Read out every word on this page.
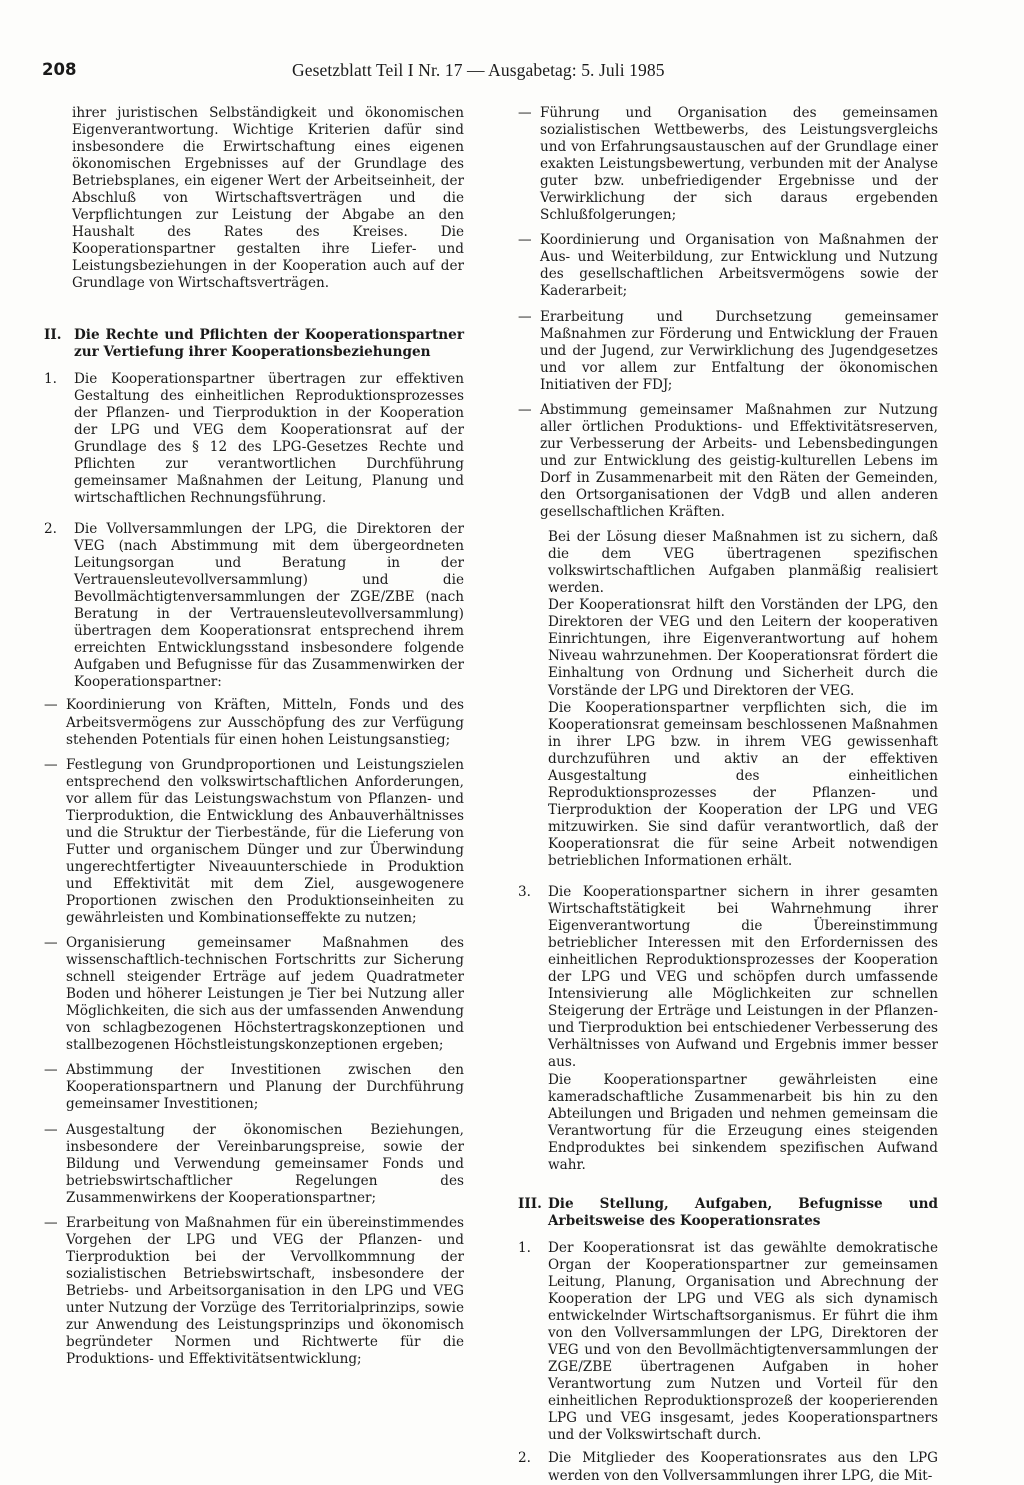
208	Gesetzblatt Teil I Nr. 17 — Ausgabetag: 5. Juli 1985

ihrer juristischen Selbständigkeit und ökonomischen Eigenverantwortung. Wichtige Kriterien dafür sind insbesondere die Erwirtschaftung eines eigenen ökonomischen Ergebnisses auf der Grundlage des Betriebsplanes, ein eigener Wert der Arbeitseinheit, der Abschluß von Wirtschaftsverträgen und die Verpflichtungen zur Leistung der Abgabe an den Haushalt des Rates des Kreises. Die Kooperationspartner gestalten ihre Liefer- und Leistungsbeziehungen in der Kooperation auch auf der Grundlage von Wirtschaftsverträgen.

II. Die Rechte und Pflichten der Kooperationspartner zur Vertiefung ihrer Kooperationsbeziehungen
1.	Die Kooperationspartner übertragen zur effektiven Gestaltung des einheitlichen Reproduktionsprozesses der Pflanzen- und Tierproduktion in der Kooperation der LPG und VEG dem Kooperationsrat auf der Grundlage des § 12 des LPG-Gesetzes Rechte und Pflichten zur verantwortlichen Durchführung gemeinsamer Maßnahmen der Leitung, Planung und wirtschaftlichen Rechnungsführung.
2.	Die Vollversammlungen der LPG, die Direktoren der VEG (nach Abstimmung mit dem übergeordneten Leitungsorgan und Beratung in der Vertrauensleutevollversammlung) und die Bevollmächtigtenversammlungen der ZGE/ZBE (nach Beratung in der Vertrauensleutevollversammlung) übertragen dem Kooperationsrat entsprechend ihrem erreichten Entwicklungsstand insbesondere folgende Aufgaben und Befugnisse für das Zusammenwirken der Kooperationspartner:
— Koordinierung von Kräften, Mitteln, Fonds und des Arbeitsvermögens zur Ausschöpfung des zur Verfügung stehenden Potentials für einen hohen Leistungsanstieg;
— Festlegung von Grundproportionen und Leistungszielen entsprechend den volkswirtschaftlichen Anforderungen, vor allem für das Leistungswachstum von Pflanzen- und Tierproduktion, die Entwicklung des Anbauverhältnisses und die Struktur der Tierbestände, für die Lieferung von Futter und organischem Dünger und zur Überwindung ungerechtfertigter Niveauunterschiede in Produktion und Effektivität mit dem Ziel, ausgewogenere Proportionen zwischen den Produktionseinheiten zu gewährleisten und Kombinationseffekte zu nutzen;
— Organisierung gemeinsamer Maßnahmen des wissenschaftlich-technischen Fortschritts zur Sicherung schnell steigender Erträge auf jedem Quadratmeter Boden und höherer Leistungen je Tier bei Nutzung aller Möglichkeiten, die sich aus der umfassenden Anwendung von schlagbezogenen Höchstertragskonzeptionen und stallbezogenen Höchstleistungskonzeptionen ergeben;
— Abstimmung der Investitionen zwischen den Kooperationspartnern und Planung der Durchführung gemeinsamer Investitionen;
— Ausgestaltung der ökonomischen Beziehungen, insbesondere der Vereinbarungspreise, sowie der Bildung und Verwendung gemeinsamer Fonds und betriebswirtschaftlicher Regelungen des Zusammenwirkens der Kooperationspartner;
— Erarbeitung von Maßnahmen für ein übereinstimmendes Vorgehen der LPG und VEG der Pflanzen- und Tierproduktion bei der Vervollkommnung der sozialistischen Betriebswirtschaft, insbesondere der Betriebs- und Arbeitsorganisation in den LPG und VEG unter Nutzung der Vorzüge des Territorialprinzips, sowie zur Anwendung des Leistungsprinzips und ökonomisch begründeter Normen und Richtwerte für die Produktions- und Effektivitätsentwicklung;
— Führung und Organisation des gemeinsamen sozialistischen Wettbewerbs, des Leistungsvergleichs und von Erfahrungsaustauschen auf der Grundlage einer exakten Leistungsbewertung, verbunden mit der Analyse guter bzw. unbefriedigender Ergebnisse und der Verwirklichung der sich daraus ergebenden Schlußfolgerungen;
— Koordinierung und Organisation von Maßnahmen der Aus- und Weiterbildung, zur Entwicklung und Nutzung des gesellschaftlichen Arbeitsvermögens sowie der Kaderarbeit;
— Erarbeitung und Durchsetzung gemeinsamer Maßnahmen zur Förderung und Entwicklung der Frauen und der Jugend, zur Verwirklichung des Jugendgesetzes und vor allem zur Entfaltung der ökonomischen Initiativen der FDJ;
— Abstimmung gemeinsamer Maßnahmen zur Nutzung aller örtlichen Produktions- und Effektivitätsreserven, zur Verbesserung der Arbeits- und Lebensbedingungen und zur Entwicklung des geistig-kulturellen Lebens im Dorf in Zusammenarbeit mit den Räten der Gemeinden, den Ortsorganisationen der VdgB und allen anderen gesellschaftlichen Kräften.

Bei der Lösung dieser Maßnahmen ist zu sichern, daß die dem VEG übertragenen spezifischen volkswirtschaftlichen Aufgaben planmäßig realisiert werden.

Der Kooperationsrat hilft den Vorständen der LPG, den Direktoren der VEG und den Leitern der kooperativen Einrichtungen, ihre Eigenverantwortung auf hohem Niveau wahrzunehmen. Der Kooperationsrat fördert die Einhaltung von Ordnung und Sicherheit durch die Vorstände der LPG und Direktoren der VEG.

Die Kooperationspartner verpflichten sich, die im Kooperationsrat gemeinsam beschlossenen Maßnahmen in ihrer LPG bzw. in ihrem VEG gewissenhaft durchzuführen und aktiv an der effektiven Ausgestaltung des einheitlichen Reproduktionsprozesses der Pflanzen- und Tierproduktion der Kooperation der LPG und VEG mitzuwirken. Sie sind dafür verantwortlich, daß der Kooperationsrat die für seine Arbeit notwendigen betrieblichen Informationen erhält.

3.	Die Kooperationspartner sichern in ihrer gesamten Wirtschaftstätigkeit bei Wahrnehmung ihrer Eigenverantwortung die Übereinstimmung betrieblicher Interessen mit den Erfordernissen des einheitlichen Reproduktionsprozesses der Kooperation der LPG und VEG und schöpfen durch umfassende Intensivierung alle Möglichkeiten zur schnellen Steigerung der Erträge und Leistungen in der Pflanzen- und Tierproduktion bei entschiedener Verbesserung des Verhältnisses von Aufwand und Ergebnis immer besser aus.

Die Kooperationspartner gewährleisten eine kameradschaftliche Zusammenarbeit bis hin zu den Abteilungen und Brigaden und nehmen gemeinsam die Verantwortung für die Erzeugung eines steigenden Endproduktes bei sinkendem spezifischen Aufwand wahr.

III. Die Stellung, Aufgaben, Befugnisse und Arbeitsweise des Kooperationsrates
1.	Der Kooperationsrat ist das gewählte demokratische Organ der Kooperationspartner zur gemeinsamen Leitung, Planung, Organisation und Abrechnung der Kooperation der LPG und VEG als sich dynamisch entwickelnder Wirtschaftsorganismus. Er führt die ihm von den Vollversammlungen der LPG, Direktoren der VEG und von den Bevollmächtigtenversammlungen der ZGE/ZBE übertragenen Aufgaben in hoher Verantwortung zum Nutzen und Vorteil für den einheitlichen Reproduktionsprozeß der kooperierenden LPG und VEG insgesamt, jedes Kooperationspartners und der Volkswirtschaft durch.
2.	Die Mitglieder des Kooperationsrates aus den LPG werden von den Vollversammlungen ihrer LPG, die Mit-
